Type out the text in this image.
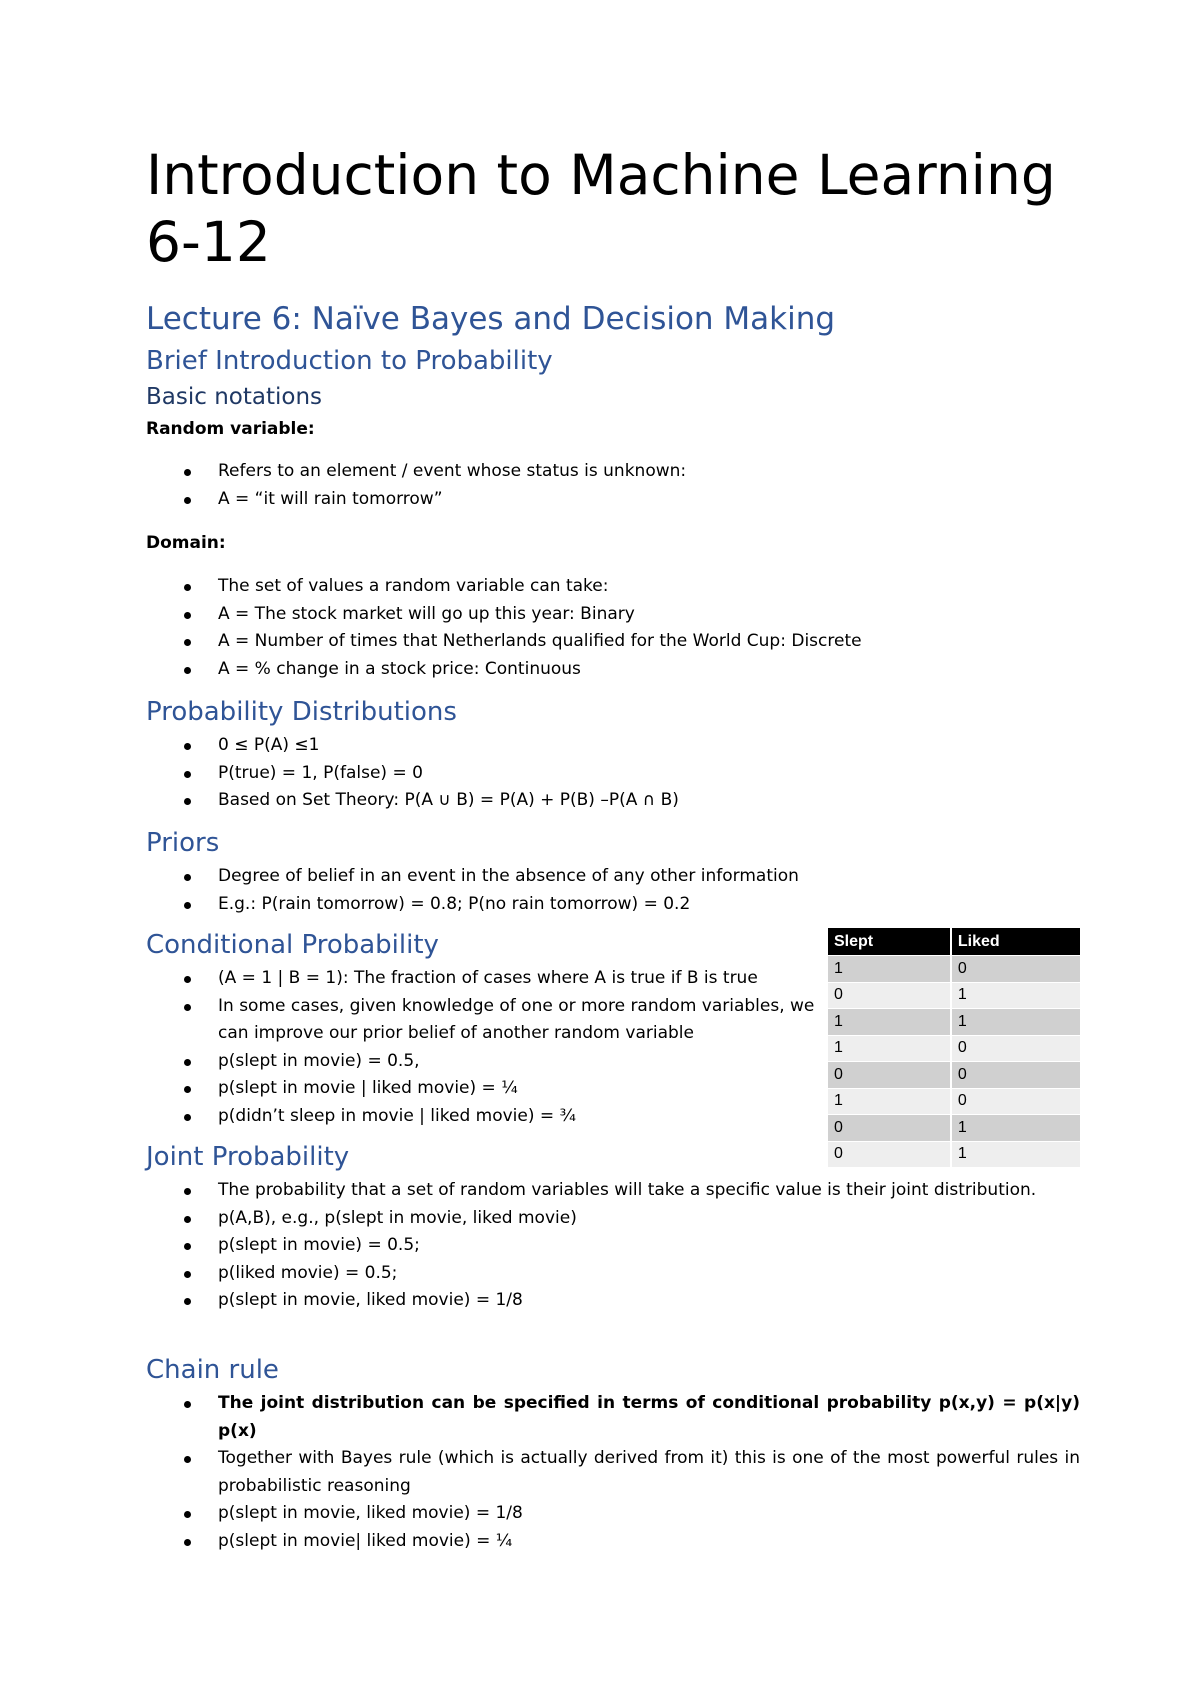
Introduction to Machine Learning 6-12
Lecture 6: Naïve Bayes and Decision Making
Brief Introduction to Probability
Basic notations

Random variable:

Refers to an element / event whose status is unknown:
A = “it will rain tomorrow”

Domain:

The set of values a random variable can take:
A = The stock market will go up this year: Binary
A = Number of times that Netherlands qualified for the World Cup: Discrete
A = % change in a stock price: Continuous
Probability Distributions
0 ≤ P(A) ≤1
P(true) = 1, P(false) = 0
Based on Set Theory: P(A ∪ B) = P(A) + P(B) –P(A ∩ B)
Priors
Degree of belief in an event in the absence of any other information
E.g.: P(rain tomorrow) = 0.8; P(no rain tomorrow) = 0.2
Conditional Probability
(A = 1 | B = 1): The fraction of cases where A is true if B is true
In some cases, given knowledge of one or more random variables, we can improve our prior belief of another random variable
p(slept in movie) = 0.5,
p(slept in movie | liked movie) = ¼
p(didn’t sleep in movie | liked movie) = ¾
Slept	Liked
1	0
0	1
1	1
1	0
0	0
1	0
0	1
0	1
Joint Probability
The probability that a set of random variables will take a specific value is their joint distribution.
p(A,B), e.g., p(slept in movie, liked movie)
p(slept in movie) = 0.5;
p(liked movie) = 0.5;
p(slept in movie, liked movie) = 1/8
Chain rule
The joint distribution can be specified in terms of conditional probability p(x,y) = p(x|y) p(x)
Together with Bayes rule (which is actually derived from it) this is one of the most powerful rules in probabilistic reasoning
p(slept in movie, liked movie) = 1/8
p(slept in movie| liked movie) = ¼
